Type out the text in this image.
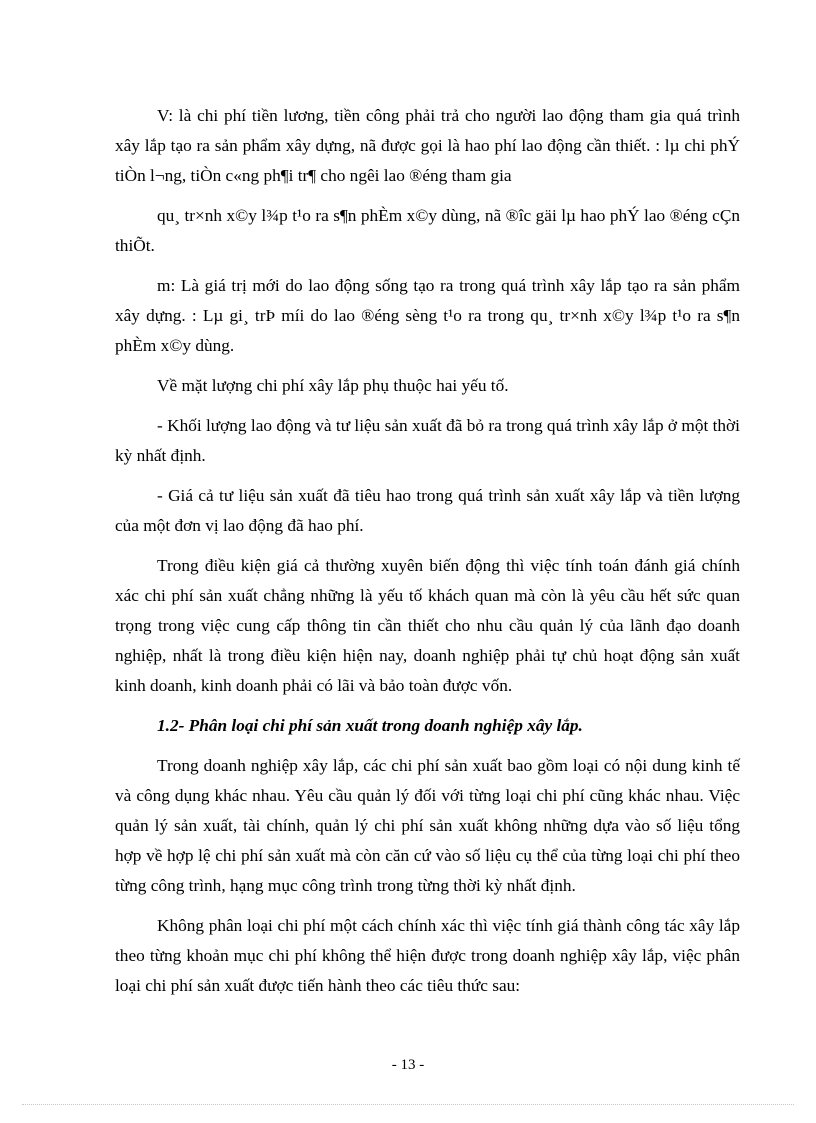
V: là chi phí tiền lương, tiền công phải trả cho người lao động tham gia quá trình xây lắp tạo ra sản phẩm xây dựng, nã được gọi là hao phí lao động cần thiết. : lµ chi phÝ tiÒn l¬ng, tiÒn c«ng ph¶i tr¶ cho ngêi lao ®éng tham gia

qu¸ tr×nh x©y l¾p t¹o ra s¶n phÈm x©y dùng, nã ®îc gäi lµ hao phÝ lao ®éng cÇn thiÕt.

m: Là giá trị mới do lao động sống tạo ra trong quá trình xây lắp tạo ra sản phẩm xây dựng. : Lµ gi¸ trÞ míi do lao ®éng sèng t¹o ra trong qu¸ tr×nh x©y l¾p t¹o ra s¶n phÈm x©y dùng.

Về mặt lượng chi phí xây lắp phụ thuộc hai yếu tố.

- Khối lượng lao động và tư liệu sản xuất đã bỏ ra trong quá trình xây lắp ở một thời kỳ nhất định.

- Giá cả tư liệu sản xuất đã tiêu hao trong quá trình sản xuất xây lắp và tiền lượng của một đơn vị lao động đã hao phí.

Trong điều kiện giá cả thường xuyên biến động thì việc tính toán đánh giá chính xác chi phí sản xuất chẳng những là yếu tố khách quan mà còn là yêu cầu hết sức quan trọng trong việc cung cấp thông tin cần thiết cho nhu cầu quản lý của lãnh đạo doanh nghiệp, nhất là trong điều kiện hiện nay, doanh nghiệp phải tự chủ hoạt động sản xuất kinh doanh, kinh doanh phải có lãi và bảo toàn được vốn.

1.2- Phân loại chi phí sản xuất trong doanh nghiệp xây lắp.

Trong doanh nghiệp xây lắp, các chi phí sản xuất bao gồm loại có nội dung kinh tế và công dụng khác nhau. Yêu cầu quản lý đối với từng loại chi phí cũng khác nhau. Việc quản lý sản xuất, tài chính, quản lý chi phí sản xuất không những dựa vào số liệu tổng hợp về hợp lệ chi phí sản xuất mà còn căn cứ vào số liệu cụ thể của từng loại chi phí theo từng công trình, hạng mục công trình trong từng thời kỳ nhất định.

Không phân loại chi phí một cách chính xác thì việc tính giá thành công tác xây lắp theo từng khoản mục chi phí không thể hiện được trong doanh nghiệp xây lắp, việc phân loại chi phí sản xuất được tiến hành theo các tiêu thức sau:

- 13 -
